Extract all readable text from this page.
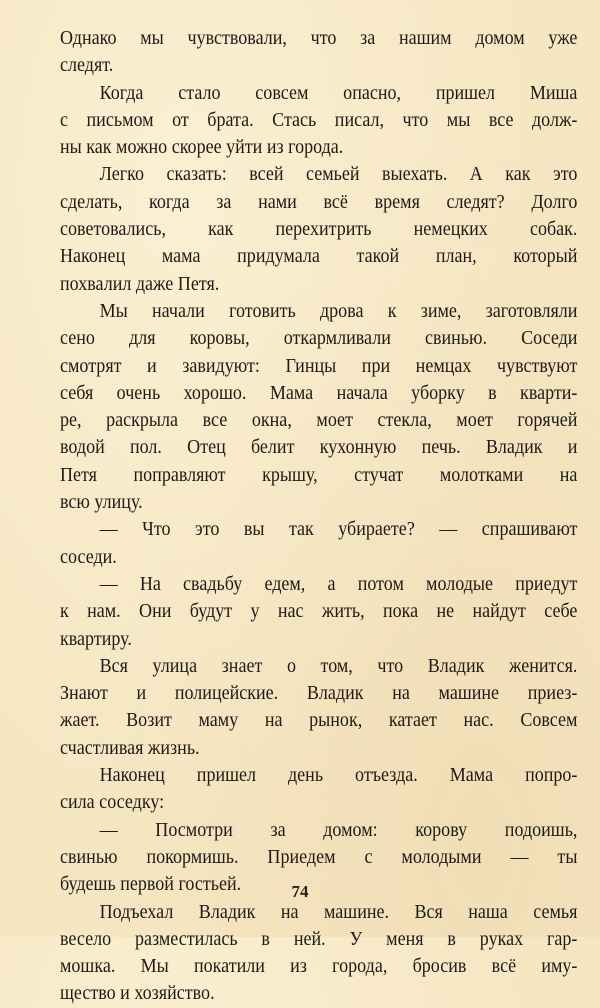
Однако мы чувствовали, что за нашим домом уже
следят.
Когда стало совсем опасно, пришел Миша
с письмом от брата. Стась писал, что мы все долж-
ны как можно скорее уйти из города.
Легко сказать: всей семьей выехать. А как это
сделать, когда за нами всё время следят? Долго
советовались, как перехитрить немецких собак.
Наконец мама придумала такой план, который
похвалил даже Петя.
Мы начали готовить дрова к зиме, заготовляли
сено для коровы, откармливали свинью. Соседи
смотрят и завидуют: Гинцы при немцах чувствуют
себя очень хорошо. Мама начала уборку в кварти-
ре, раскрыла все окна, моет стекла, моет горячей
водой пол. Отец белит кухонную печь. Владик и
Петя поправляют крышу, стучат молотками на
всю улицу.
— Что это вы так убираете? — спрашивают
соседи.
— На свадьбу едем, а потом молодые приедут
к нам. Они будут у нас жить, пока не найдут себе
квартиру.
Вся улица знает о том, что Владик женится.
Знают и полицейские. Владик на машине приез-
жает. Возит маму на рынок, катает нас. Совсем
счастливая жизнь.
Наконец пришел день отъезда. Мама попро-
сила соседку:
— Посмотри за домом: корову подоишь,
свинью покормишь. Приедем с молодыми — ты
будешь первой гостьей.
Подъехал Владик на машине. Вся наша семья
весело разместилась в ней. У меня в руках гар-
мошка. Мы покатили из города, бросив всё иму-
щество и хозяйство.
74
